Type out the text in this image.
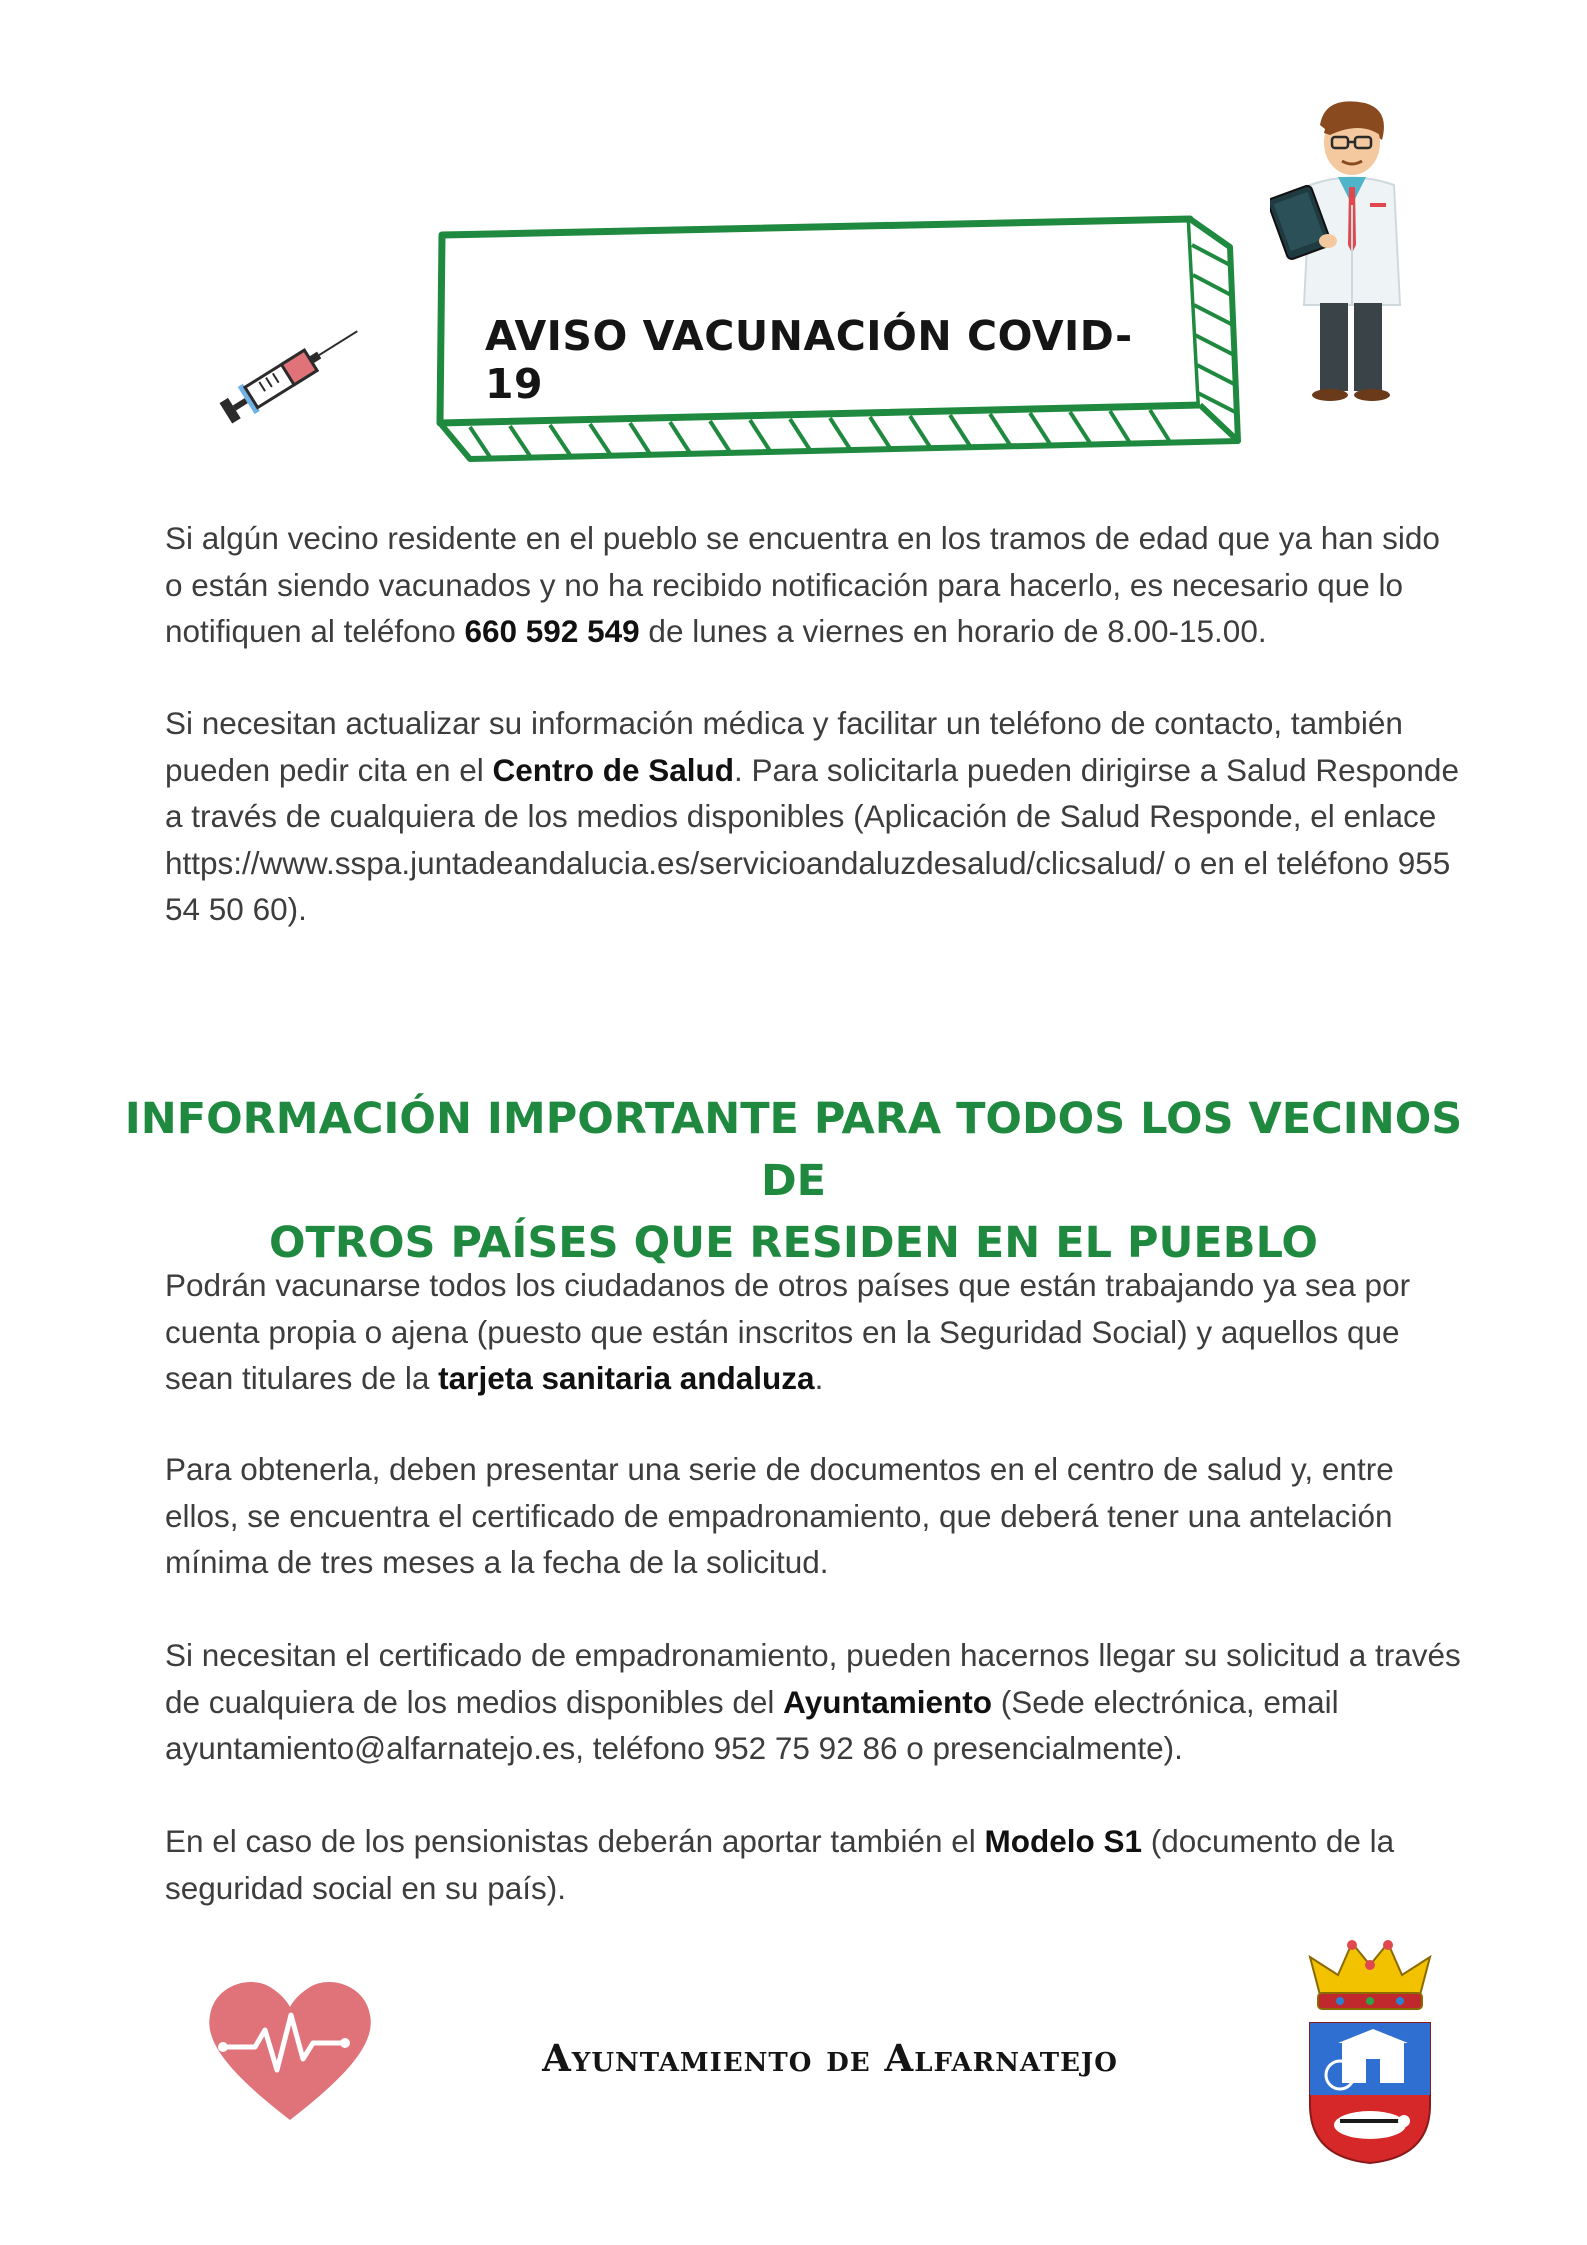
AVISO VACUNACIÓN COVID-19

Si algún vecino residente en el pueblo se encuentra en los tramos de edad que ya han sido o están siendo vacunados y no ha recibido notificación para hacerlo, es necesario que lo notifiquen al teléfono 660 592 549 de lunes a viernes en horario de 8.00-15.00.

Si necesitan actualizar su información médica y facilitar un teléfono de contacto, también pueden pedir cita en el Centro de Salud. Para solicitarla pueden dirigirse a Salud Responde a través de cualquiera de los medios disponibles (Aplicación de Salud Responde, el enlace
https://www.sspa.juntadeandalucia.es/servicioandaluzdesalud/clicsalud/ o en el teléfono 955 54 50 60).

INFORMACIÓN IMPORTANTE PARA TODOS LOS VECINOS DE
OTROS PAÍSES QUE RESIDEN EN EL PUEBLO

Podrán vacunarse todos los ciudadanos de otros países que están trabajando ya sea por cuenta propia o ajena (puesto que están inscritos en la Seguridad Social) y aquellos que sean titulares de la tarjeta sanitaria andaluza.

Para obtenerla, deben presentar una serie de documentos en el centro de salud y, entre ellos, se encuentra el certificado de empadronamiento, que deberá tener una antelación mínima de tres meses a la fecha de la solicitud.

Si necesitan el certificado de empadronamiento, pueden hacernos llegar su solicitud a través de cualquiera de los medios disponibles del Ayuntamiento (Sede electrónica, email ayuntamiento@alfarnatejo.es, teléfono 952 75 92 86 o presencialmente).

En el caso de los pensionistas deberán aportar también el Modelo S1 (documento de la seguridad social en su país).

Ayuntamiento de Alfarnatejo
